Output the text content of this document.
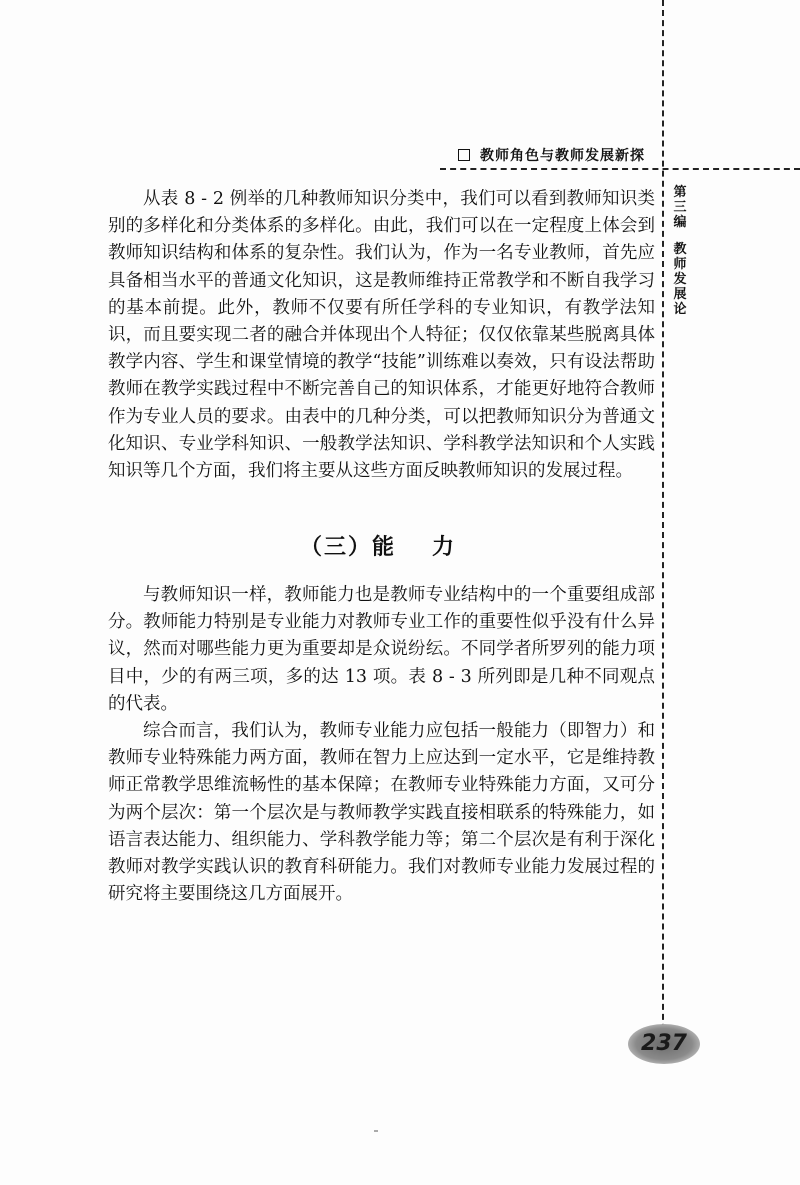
教师角色与教师发展新探
第
三
编
教
师
发
展
论

从表 8 - 2 例举的几种教师知识分类中，我们可以看到教师知识类别的多样化和分类体系的多样化。由此，我们可以在一定程度上体会到教师知识结构和体系的复杂性。我们认为，作为一名专业教师，首先应具备相当水平的普通文化知识，这是教师维持正常教学和不断自我学习的基本前提。此外，教师不仅要有所任学科的专业知识，有教学法知识，而且要实现二者的融合并体现出个人特征；仅仅依靠某些脱离具体教学内容、学生和课堂情境的教学“技能”训练难以奏效，只有设法帮助教师在教学实践过程中不断完善自己的知识体系，才能更好地符合教师作为专业人员的要求。由表中的几种分类，可以把教师知识分为普通文化知识、专业学科知识、一般教学法知识、学科教学法知识和个人实践知识等几个方面，我们将主要从这些方面反映教师知识的发展过程。

（三）能 力

与教师知识一样，教师能力也是教师专业结构中的一个重要组成部分。教师能力特别是专业能力对教师专业工作的重要性似乎没有什么异议，然而对哪些能力更为重要却是众说纷纭。不同学者所罗列的能力项目中，少的有两三项，多的达 13 项。表 8 - 3 所列即是几种不同观点的代表。

综合而言，我们认为，教师专业能力应包括一般能力（即智力）和教师专业特殊能力两方面，教师在智力上应达到一定水平，它是维持教师正常教学思维流畅性的基本保障；在教师专业特殊能力方面，又可分为两个层次：第一个层次是与教师教学实践直接相联系的特殊能力，如语言表达能力、组织能力、学科教学能力等；第二个层次是有利于深化教师对教学实践认识的教育科研能力。我们对教师专业能力发展过程的研究将主要围绕这几方面展开。

237
